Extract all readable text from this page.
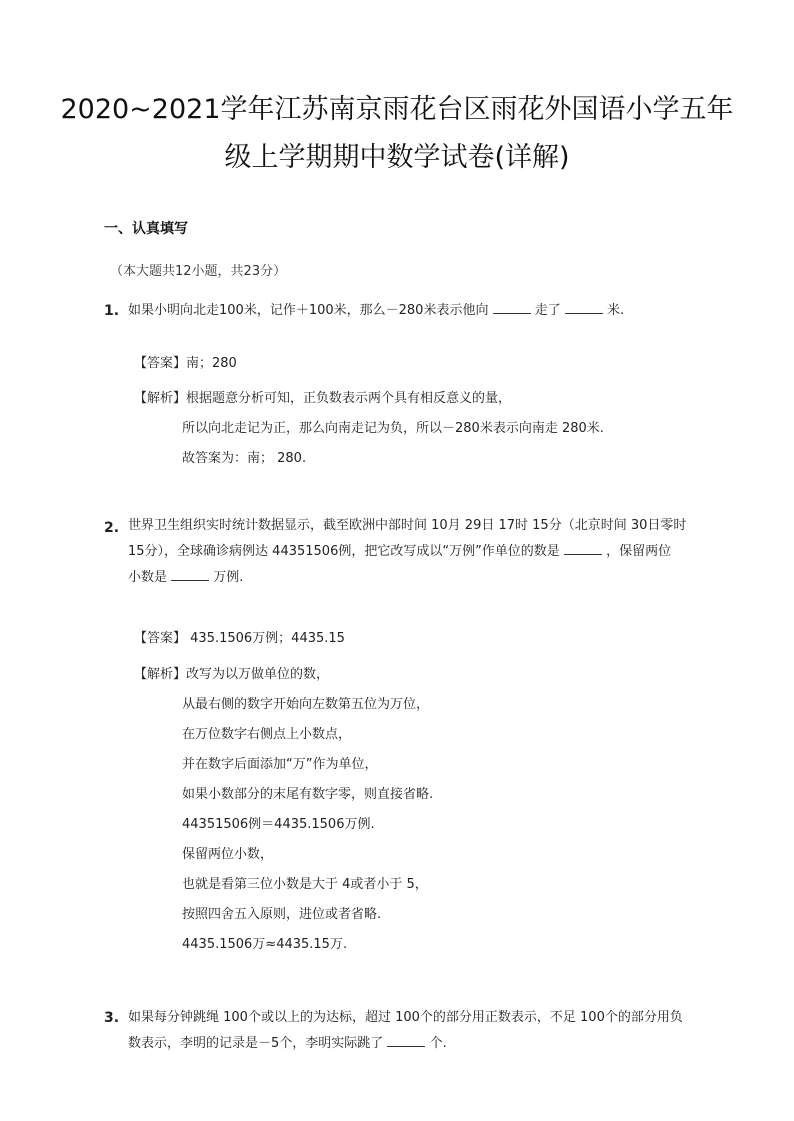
2020~2021学年江苏南京雨花台区雨花外国语小学五年
级上学期期中数学试卷(详解)
一、认真填写
（本大题共12小题，共23分）
1. 如果小明向北走100米，记作＋100米，那么－280米表示他向	走了	米.

【答案】南；280

【解析】根据题意分析可知，正负数表示两个具有相反意义的量，

所以向北走记为正，那么向南走记为负，所以－280米表示向南走 280米.

故答案为：南； 280.

2. 世界卫生组织实时统计数据显示，截至欧洲中部时间 10月 29日 17时 15分（北京时间 30日零时

15分），全球确诊病例达 44351506例，把它改写成以“万例”作单位的数是	，保留两位

小数是	万例.

【答案】 435.1506万例；4435.15

【解析】改写为以万做单位的数，

从最右侧的数字开始向左数第五位为万位，

在万位数字右侧点上小数点，

并在数字后面添加“万”作为单位，

如果小数部分的末尾有数字零，则直接省略.

44351506例＝4435.1506万例.

保留两位小数，

也就是看第三位小数是大于 4或者小于 5，

按照四舍五入原则，进位或者省略.

4435.1506万≈4435.15万.

3. 如果每分钟跳绳 100个或以上的为达标，超过 100个的部分用正数表示，不足 100个的部分用负

数表示，李明的记录是－5个，李明实际跳了	个.
